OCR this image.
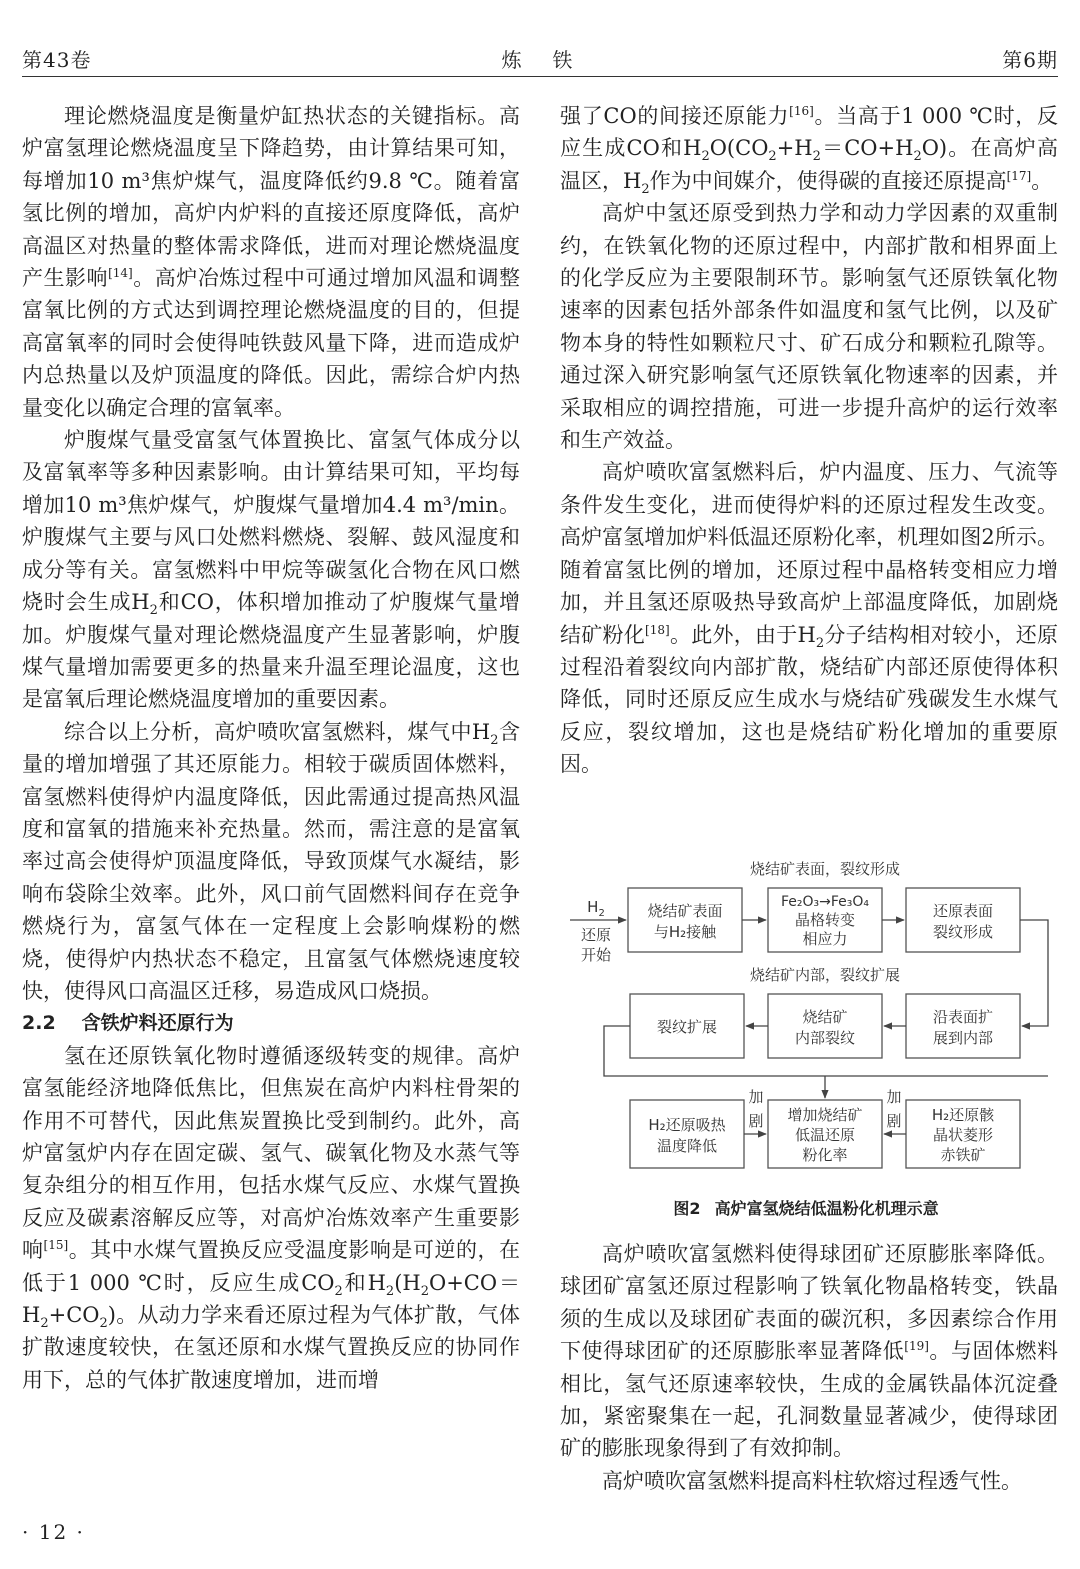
第43卷	炼  铁	第6期

理论燃烧温度是衡量炉缸热状态的关键指标。高炉富氢理论燃烧温度呈下降趋势，由计算结果可知，每增加10 m³焦炉煤气，温度降低约9.8 ℃。随着富氢比例的增加，高炉内炉料的直接还原度降低，高炉高温区对热量的整体需求降低，进而对理论燃烧温度产生影响[14]。高炉冶炼过程中可通过增加风温和调整富氧比例的方式达到调控理论燃烧温度的目的，但提高富氧率的同时会使得吨铁鼓风量下降，进而造成炉内总热量以及炉顶温度的降低。因此，需综合炉内热量变化以确定合理的富氧率。

炉腹煤气量受富氢气体置换比、富氢气体成分以及富氧率等多种因素影响。由计算结果可知，平均每增加10 m³焦炉煤气，炉腹煤气量增加4.4 m³/min。炉腹煤气主要与风口处燃料燃烧、裂解、鼓风湿度和成分等有关。富氢燃料中甲烷等碳氢化合物在风口燃烧时会生成$H_2$和CO，体积增加推动了炉腹煤气量增加。炉腹煤气量对理论燃烧温度产生显著影响，炉腹煤气量增加需要更多的热量来升温至理论温度，这也是富氧后理论燃烧温度增加的重要因素。

综合以上分析，高炉喷吹富氢燃料，煤气中$H_2$含量的增加增强了其还原能力。相较于碳质固体燃料，富氢燃料使得炉内温度降低，因此需通过提高热风温度和富氧的措施来补充热量。然而，需注意的是富氧率过高会使得炉顶温度降低，导致顶煤气水凝结，影响布袋除尘效率。此外，风口前气固燃料间存在竞争燃烧行为，富氢气体在一定程度上会影响煤粉的燃烧，使得炉内热状态不稳定，且富氢气体燃烧速度较快，使得风口高温区迁移，易造成风口烧损。

2.2 含铁炉料还原行为

氢在还原铁氧化物时遵循逐级转变的规律。高炉富氢能经济地降低焦比，但焦炭在高炉内料柱骨架的作用不可替代，因此焦炭置换比受到制约。此外，高炉富氢炉内存在固定碳、氢气、碳氧化物及水蒸气等复杂组分的相互作用，包括水煤气反应、水煤气置换反应及碳素溶解反应等，对高炉冶炼效率产生重要影响[15]。其中水煤气置换反应受温度影响是可逆的，在低于1 000 ℃时，反应生成$CO_2$和$H_2(H_2O+CO=H_2+CO_2)$。从动力学来看还原过程为气体扩散，气体扩散速度较快，在氢还原和水煤气置换反应的协同作用下，总的气体扩散速度增加，进而增

强了CO的间接还原能力[16]。当高于1 000 ℃时，反应生成CO和$H_2O(CO_2+H_2=CO+H_2O)$。在高炉高温区，$H_2$作为中间媒介，使得碳的直接还原提高[17]。

高炉中氢还原受到热力学和动力学因素的双重制约，在铁氧化物的还原过程中，内部扩散和相界面上的化学反应为主要限制环节。影响氢气还原铁氧化物速率的因素包括外部条件如温度和氢气比例，以及矿物本身的特性如颗粒尺寸、矿石成分和颗粒孔隙等。通过深入研究影响氢气还原铁氧化物速率的因素，并采取相应的调控措施，可进一步提升高炉的运行效率和生产效益。

高炉喷吹富氢燃料后，炉内温度、压力、气流等条件发生变化，进而使得炉料的还原过程发生改变。高炉富氢增加炉料低温还原粉化率，机理如图2所示。随着富氢比例的增加，还原过程中晶格转变相应力增加，并且氢还原吸热导致高炉上部温度降低，加剧烧结矿粉化[18]。此外，由于$H_2$分子结构相对较小，还原过程沿着裂纹向内部扩散，烧结矿内部还原使得体积降低，同时还原反应生成水与烧结矿残碳发生水煤气反应，裂纹增加，这也是烧结矿粉化增加的重要原因。

烧结矿表面，裂纹形成
烧结矿内部，裂纹扩展
$H_2$
还原
开始
烧结矿表面
与H₂接触
Fe₂O₃→Fe₃O₄
晶格转变
相应力
还原表面
裂纹形成
裂纹扩展
烧结矿
内部裂纹
沿表面扩
展到内部
H₂还原吸热
温度降低
增加烧结矿
低温还原
粉化率
H₂还原骸
晶状菱形
赤铁矿
加
剧
加
剧
图2 高炉富氢烧结低温粉化机理示意

高炉喷吹富氢燃料使得球团矿还原膨胀率降低。球团矿富氢还原过程影响了铁氧化物晶格转变，铁晶须的生成以及球团矿表面的碳沉积，多因素综合作用下使得球团矿的还原膨胀率显著降低[19]。与固体燃料相比，氢气还原速率较快，生成的金属铁晶体沉淀叠加，紧密聚集在一起，孔洞数量显著减少，使得球团矿的膨胀现象得到了有效抑制。

高炉喷吹富氢燃料提高料柱软熔过程透气性。

· 12 ·
